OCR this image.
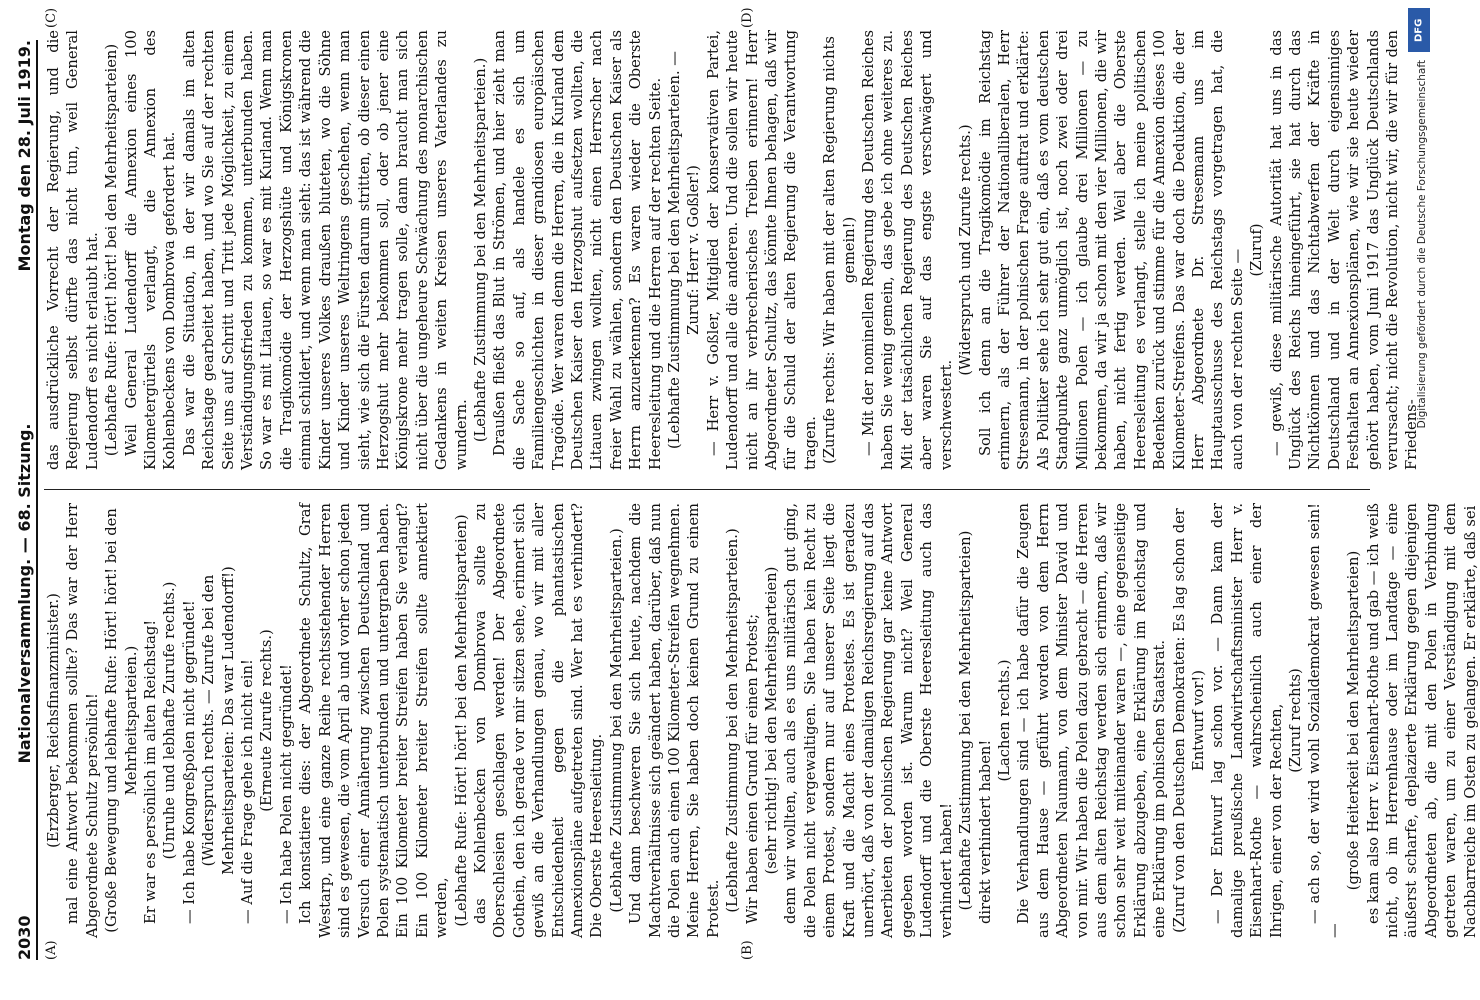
2030
Nationalversammlung. — 68. Sitzung.
Montag den 28. Juli 1919.
(A)	(B)
(C)	(D)

(Erzberger, Reichsfinanzminister.) mal eine Antwort bekommen sollte? Das war der Herr Abgeordnete Schultz persönlich! (Große Bewegung und lebhafte Rufe: Hört! hört! bei den Mehrheitsparteien.) Er war es persönlich im alten Reichstag! (Unruhe und lebhafte Zurufe rechts.) — Ich habe Kongreßpolen nicht gegründet! (Widerspruch rechts. — Zurufe bei den Mehrheitsparteien: Das war Ludendorff!) — Auf die Frage gehe ich nicht ein! (Erneute Zurufe rechts.) — Ich habe Polen nicht gegründet! Ich konstatiere dies: der Abgeordnete Schultz, Graf Westarp, und eine ganze Reihe rechtsstehender Herren sind es gewesen, die vom April ab und vorher schon jeden Versuch einer Annäherung zwischen Deutschland und Polen systematisch unterbunden und untergraben haben. Ein 100 Kilometer breiter Streifen haben Sie verlangt? Ein 100 Kilometer breiter Streifen sollte annektiert werden, (Lebhafte Rufe: Hört! hört! bei den Mehrheitsparteien) das Kohlenbecken von Dombrowa sollte zu Oberschlesien geschlagen werden! Der Abgeordnete Gothein, den ich gerade vor mir sitzen sehe, erinnert sich gewiß an die Verhandlungen genau, wo wir mit aller Entschiedenheit gegen die phantastischen Annexionspläne aufgetreten sind. Wer hat es verhindert? Die Oberste Heeresleitung. (Lebhafte Zustimmung bei den Mehrheitsparteien.) Und dann beschweren Sie sich heute, nachdem die Machtverhältnisse sich geändert haben, darüber, daß nun die Polen auch einen 100 Kilometer-Streifen wegnehmen. Meine Herren, Sie haben doch keinen Grund zu einem Protest. (Lebhafte Zustimmung bei den Mehrheitsparteien.) Wir haben einen Grund für einen Protest; (sehr richtig! bei den Mehrheitsparteien) denn wir wollten, auch als es uns militärisch gut ging, die Polen nicht vergewaltigen. Sie haben kein Recht zu einem Protest, sondern nur auf unserer Seite liegt die Kraft und die Macht eines Protestes. Es ist geradezu unerhört, daß von der damaligen Reichsregierung auf das Anerbieten der polnischen Regierung gar keine Antwort gegeben worden ist. Warum nicht? Weil General Ludendorff und die Oberste Heeresleitung auch das verhindert haben! (Lebhafte Zustimmung bei den Mehrheitsparteien) direkt verhindert haben!

(Lachen rechts.) Die Verhandlungen sind — ich habe dafür die Zeugen aus dem Hause — geführt worden von dem Herrn Abgeordneten Naumann, von dem Minister David und von mir. Wir haben die Polen dazu gebracht — die Herren aus dem alten Reichstag werden sich erinnern, daß wir schon sehr weit miteinander waren —, eine gegenseitige Erklärung abzugeben, eine Erklärung im Reichstag und eine Erklärung im polnischen Staatsrat. (Zuruf von den Deutschen Demokraten: Es lag schon der Entwurf vor!) — Der Entwurf lag schon vor. — Dann kam der damalige preußische Landwirtschaftsminister Herr v. Eisenhart-Rothe — wahrscheinlich auch einer der Ihrigen, einer von der Rechten, (Zuruf rechts) — ach so, der wird wohl Sozialdemokrat gewesen sein! —

(große Heiterkeit bei den Mehrheitsparteien) es kam also Herr v. Eisenhart-Rothe und gab — ich weiß nicht, ob im Herrenhause oder im Landtage — eine äußerst scharfe, deplazierte Erklärung gegen diejenigen Abgeordneten ab, die mit den Polen in Verbindung getreten waren, um zu einer Verständigung mit dem Nachbarreiche im Osten zu gelangen. Er erklärte, daß sei

das ausdrückliche Vorrecht der Regierung, und die Regierung selbst dürfte das nicht tun, weil General Ludendorff es nicht erlaubt hat. (Lebhafte Rufe: Hört! hört! bei den Mehrheitsparteien) Weil General Ludendorff die Annexion eines 100 Kilometergürtels verlangt, die Annexion des Kohlenbeckens von Dombrowa gefordert hat. Das war die Situation, in der wir damals im alten Reichstage gearbeitet haben, und wo Sie auf der rechten Seite uns auf Schritt und Tritt jede Möglichkeit, zu einem Verständigungsfrieden zu kommen, unterbunden haben. So war es mit Litauen, so war es mit Kurland. Wenn man die Tragikomödie der Herzogshüte und Königskronen einmal schildert, und wenn man sieht: das ist während die Kinder unseres Volkes draußen bluteten, wo die Söhne und Kinder unseres Weltringens geschehen, wenn man sieht, wie sich die Fürsten darum stritten, ob dieser einen Herzogshut mehr bekommen soll, oder ob jener eine Königskrone mehr tragen solle, dann braucht man sich nicht über die ungeheure Schwächung des monarchischen Gedankens in weiten Kreisen unseres Vaterlandes zu wundern. (Lebhafte Zustimmung bei den Mehrheitsparteien.) Draußen fließt das Blut in Strömen, und hier zieht man die Sache so auf, als handele es sich um Familiengeschichten in dieser grandiosen europäischen Tragödie. Wer waren denn die Herren, die in Kurland dem Deutschen Kaiser den Herzogshut aufsetzen wollten, die Litauen zwingen wollten, nicht einen Herrscher nach freier Wahl zu wählen, sondern den Deutschen Kaiser als Herrn anzuerkennen? Es waren wieder die Oberste Heeresleitung und die Herren auf der rechten Seite. (Lebhafte Zustimmung bei den Mehrheitsparteien. — Zuruf: Herr v. Goßler!) — Herr v. Goßler, Mitglied der konservativen Partei, Ludendorff und alle die anderen. Und die sollen wir heute nicht an ihr verbrecherisches Treiben erinnern! Herr Abgeordneter Schultz, das könnte Ihnen behagen, daß wir für die Schuld der alten Regierung die Verantwortung tragen. (Zurufe rechts: Wir haben mit der alten Regierung nichts gemein!) — Mit der nominellen Regierung des Deutschen Reiches haben Sie wenig gemein, das gebe ich ohne weiteres zu. Mit der tatsächlichen Regierung des Deutschen Reiches aber waren Sie auf das engste verschwägert und verschwestert.

(Widerspruch und Zurufe rechts.) Soll ich denn an die Tragikomödie im Reichstag erinnern, als der Führer der Nationalliberalen, Herr Stresemann, in der polnischen Frage auftrat und erklärte: Als Politiker sehe ich sehr gut ein, daß es vom deutschen Standpunkte ganz unmöglich ist, noch zwei oder drei Millionen Polen — ich glaube drei Millionen — zu bekommen, da wir ja schon mit den vier Millionen, die wir haben, nicht fertig werden. Weil aber die Oberste Heeresleitung es verlangt, stelle ich meine politischen Bedenken zurück und stimme für die Annexion dieses 100 Kilometer-Streifens. Das war doch die Deduktion, die der Herr Abgeordnete Dr. Stresemann uns im Hauptausschusse des Reichstags vorgetragen hat, die auch von der rechten Seite — (Zuruf) — gewiß, diese militärische Autorität hat uns in das Unglück des Reichs hineingeführt, sie hat durch das Nichtkönnen und das Nichtabwerfen der Kräfte in Deutschland und in der Welt durch eigensinniges Festhalten an Annexionsplänen, wie wir sie heute wieder gehört haben, vom Juni 1917 das Unglück Deutschlands verursacht; nicht die Revolution, nicht wir, die wir für den Friedens-

DFG
Digitalisierung gefördert durch die Deutsche Forschungsgemeinschaft
